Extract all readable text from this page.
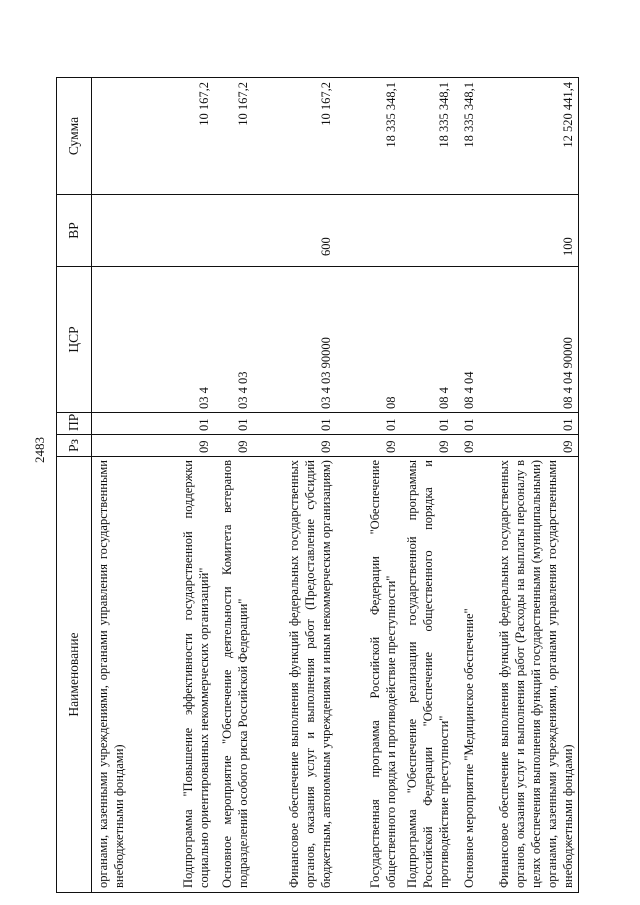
2483
Наименование	Рз	ПР	ЦСР	ВР	Сумма
органами, казенными учреждениями, органами управления государственными внебюджетными фондами)					
Подпрограмма "Повышение эффективности государственной поддержки социально ориентированных некоммерческих организаций"	09	01	03 4		10 167,2
Основное мероприятие "Обеспечение деятельности Комитета ветеранов подразделений особого риска Российской Федерации"	09	01	03 4 03		10 167,2
Финансовое обеспечение выполнения функций федеральных государственных органов, оказания услуг и выполнения работ (Предоставление субсидий бюджетным, автономным учреждениям и иным некоммерческим организациям)	09	01	03 4 03 90000	600	10 167,2
Государственная программа Российской Федерации "Обеспечение общественного порядка и противодействие преступности"	09	01	08		18 335 348,1
Подпрограмма "Обеспечение реализации государственной программы Российской Федерации "Обеспечение общественного порядка и противодействие преступности"	09	01	08 4		18 335 348,1
Основное мероприятие "Медицинское обеспечение"	09	01	08 4 04		18 335 348,1
Финансовое обеспечение выполнения функций федеральных государственных органов, оказания услуг и выполнения работ (Расходы на выплаты персоналу в целях обеспечения выполнения функций государственными (муниципальными) органами, казенными учреждениями, органами управления государственными внебюджетными фондами)	09	01	08 4 04 90000	100	12 520 441,4
